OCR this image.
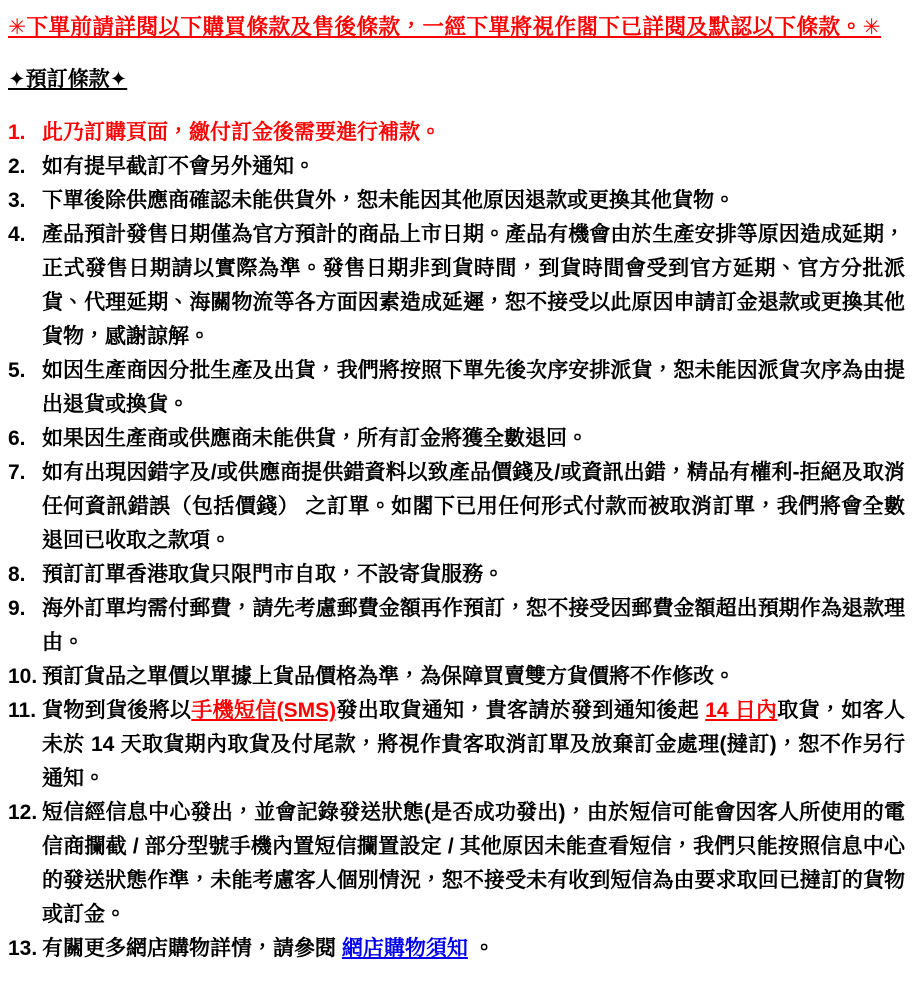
✳下單前請詳閱以下購買條款及售後條款，一經下單將視作閣下已詳閱及默認以下條款。✳
✦預訂條款✦
1. 此乃訂購頁面，繳付訂金後需要進行補款。
2. 如有提早截訂不會另外通知。
3. 下單後除供應商確認未能供貨外，恕未能因其他原因退款或更換其他貨物。
4. 產品預計發售日期僅為官方預計的商品上市日期。產品有機會由於生產安排等原因造成延期，正式發售日期請以實際為準。發售日期非到貨時間，到貨時間會受到官方延期、官方分批派貨、代理延期、海關物流等各方面因素造成延遲，恕不接受以此原因申請訂金退款或更換其他貨物，感謝諒解。
5. 如因生產商因分批生產及出貨，我們將按照下單先後次序安排派貨，恕未能因派貨次序為由提出退貨或換貨。
6. 如果因生產商或供應商未能供貨，所有訂金將獲全數退回。
7. 如有出現因錯字及/或供應商提供錯資料以致產品價錢及/或資訊出錯，精品有權利-拒絕及取消任何資訊錯誤（包括價錢） 之訂單。如閣下已用任何形式付款而被取消訂單，我們將會全數退回已收取之款項。
8. 預訂訂單香港取貨只限門市自取，不設寄貨服務。
9. 海外訂單均需付郵費，請先考慮郵費金額再作預訂，恕不接受因郵費金額超出預期作為退款理由。
10. 預訂貨品之單價以單據上貨品價格為準，為保障買賣雙方貨價將不作修改。
11. 貨物到貨後將以手機短信(SMS)發出取貨通知，貴客請於發到通知後起 14 日內取貨，如客人未於 14 天取貨期內取貨及付尾款，將視作貴客取消訂單及放棄訂金處理(撻訂)，恕不作另行通知。
12. 短信經信息中心發出，並會記錄發送狀態(是否成功發出)，由於短信可能會因客人所使用的電信商攔截 / 部分型號手機內置短信攔置設定 / 其他原因未能查看短信，我們只能按照信息中心的發送狀態作準，未能考慮客人個別情況，恕不接受未有收到短信為由要求取回已撻訂的貨物或訂金。
13. 有關更多網店購物詳情，請參閱 網店購物須知 。
